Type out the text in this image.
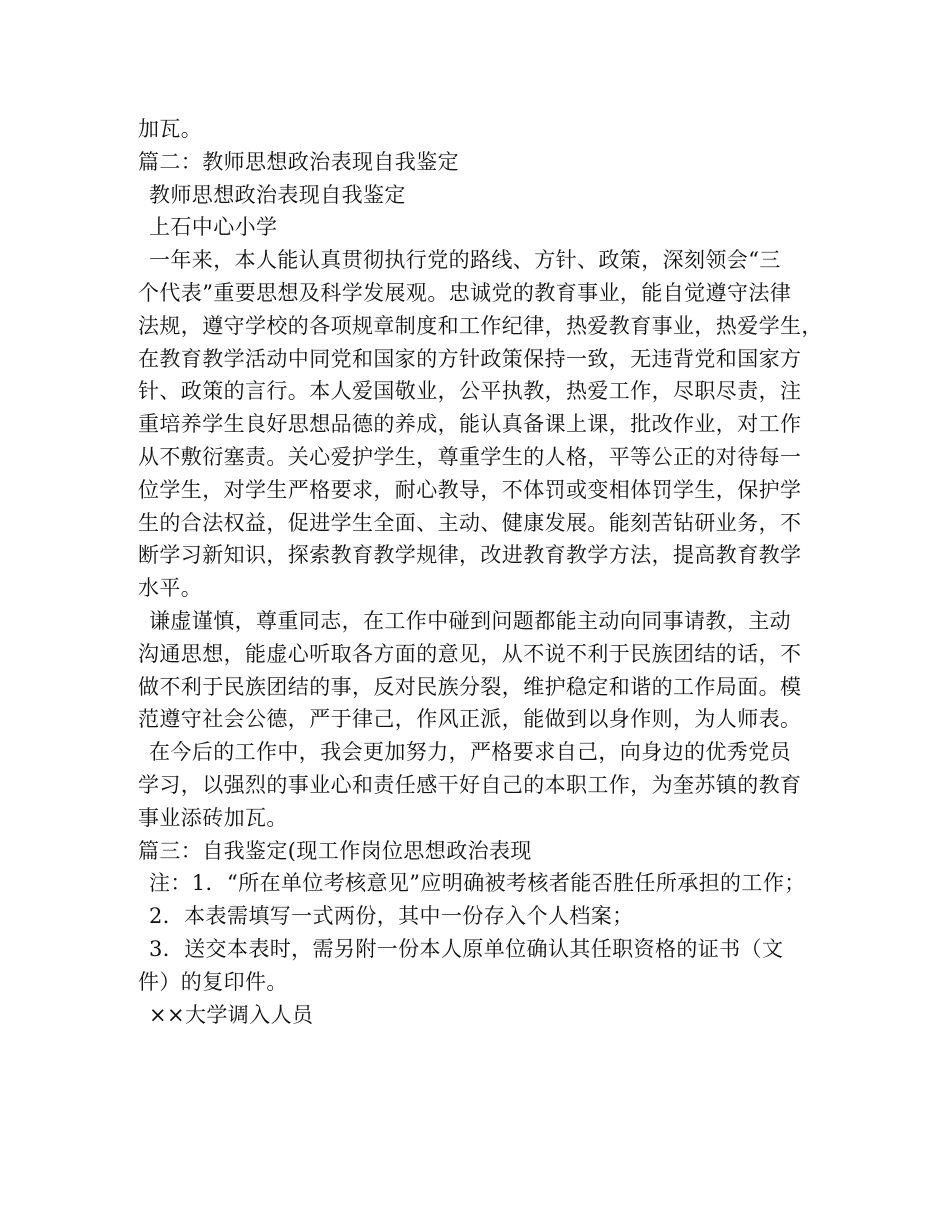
加瓦。
篇二：教师思想政治表现自我鉴定
教师思想政治表现自我鉴定
上石中心小学
一年来，本人能认真贯彻执行党的路线、方针、政策，深刻领会“三
个代表”重要思想及科学发展观。忠诚党的教育事业，能自觉遵守法律
法规，遵守学校的各项规章制度和工作纪律，热爱教育事业，热爱学生，
在教育教学活动中同党和国家的方针政策保持一致，无违背党和国家方
针、政策的言行。本人爱国敬业，公平执教，热爱工作，尽职尽责，注
重培养学生良好思想品德的养成，能认真备课上课，批改作业，对工作
从不敷衍塞责。关心爱护学生，尊重学生的人格，平等公正的对待每一
位学生，对学生严格要求，耐心教导，不体罚或变相体罚学生，保护学
生的合法权益，促进学生全面、主动、健康发展。能刻苦钻研业务，不
断学习新知识，探索教育教学规律，改进教育教学方法，提高教育教学
水平。
谦虚谨慎，尊重同志，在工作中碰到问题都能主动向同事请教，主动
沟通思想，能虚心听取各方面的意见，从不说不利于民族团结的话，不
做不利于民族团结的事，反对民族分裂，维护稳定和谐的工作局面。模
范遵守社会公德，严于律己，作风正派，能做到以身作则，为人师表。
在今后的工作中，我会更加努力，严格要求自己，向身边的优秀党员
学习，以强烈的事业心和责任感干好自己的本职工作，为奎苏镇的教育
事业添砖加瓦。
篇三：自我鉴定(现工作岗位思想政治表现
注：1．“所在单位考核意见”应明确被考核者能否胜任所承担的工作；
2．本表需填写一式两份，其中一份存入个人档案；
3．送交本表时，需另附一份本人原单位确认其任职资格的证书（文
件）的复印件。
××大学调入人员
